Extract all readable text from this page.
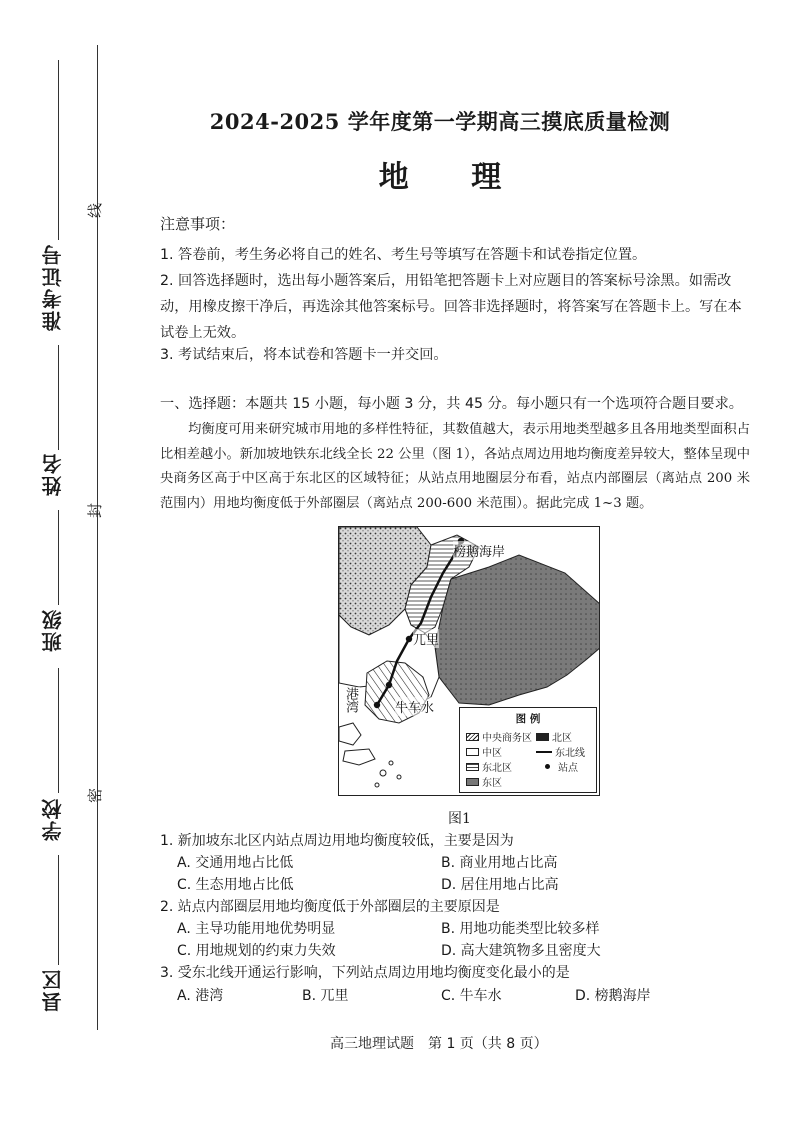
准考证号
姓名
班级
学校
县区
线
封
密
2024-2025 学年度第一学期高三摸底质量检测
地 理
注意事项：
1. 答卷前，考生务必将自己的姓名、考生号等填写在答题卡和试卷指定位置。
2. 回答选择题时，选出每小题答案后，用铅笔把答题卡上对应题目的答案标号涂黑。如需改动，用橡皮擦干净后，再选涂其他答案标号。回答非选择题时，将答案写在答题卡上。写在本试卷上无效。
3. 考试结束后，将本试卷和答题卡一并交回。
一、选择题：本题共 15 小题，每小题 3 分，共 45 分。每小题只有一个选项符合题目要求。
均衡度可用来研究城市用地的多样性特征，其数值越大，表示用地类型越多且各用地类型面积占比相差越小。新加坡地铁东北线全长 22 公里（图 1），各站点周边用地均衡度差异较大，整体呈现中央商务区高于中区高于东北区的区域特征；从站点用地圈层分布看，站点内部圈层（离站点 200 米范围内）用地均衡度低于外部圈层（离站点 200-600 米范围）。据此完成 1~3 题。
榜鹅海岸
兀里
牛车水
港湾
图 例
中央商务区 北区
中区	东北线
东北区	站点
东区
图1
1. 新加坡东北区内站点周边用地均衡度较低，主要是因为
A. 交通用地占比低	B. 商业用地占比高
C. 生态用地占比低	D. 居住用地占比高
2. 站点内部圈层用地均衡度低于外部圈层的主要原因是
A. 主导功能用地优势明显	B. 用地功能类型比较多样
C. 用地规划的约束力失效	D. 高大建筑物多且密度大
3. 受东北线开通运行影响，下列站点周边用地均衡度变化最小的是
A. 港湾	B. 兀里	C. 牛车水	D. 榜鹅海岸
高三地理试题　第 1 页（共 8 页）
